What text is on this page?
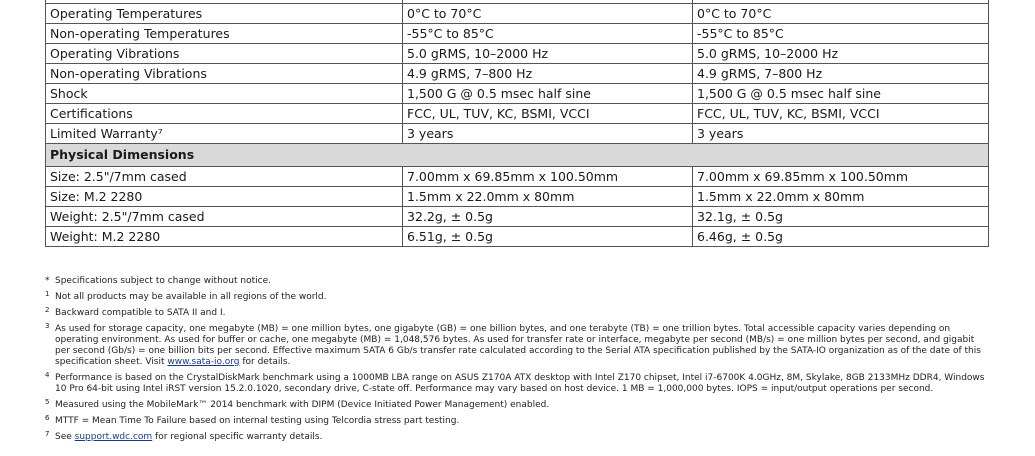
Operating Temperatures	0°C to 70°C	0°C to 70°C
Non-operating Temperatures	-55°C to 85°C	-55°C to 85°C
Operating Vibrations	5.0 gRMS, 10–2000 Hz	5.0 gRMS, 10–2000 Hz
Non-operating Vibrations	4.9 gRMS, 7–800 Hz	4.9 gRMS, 7–800 Hz
Shock	1,500 G @ 0.5 msec half sine	1,500 G @ 0.5 msec half sine
Certifications	FCC, UL, TUV, KC, BSMI, VCCI	FCC, UL, TUV, KC, BSMI, VCCI
Limited Warranty⁷	3 years	3 years
Physical Dimensions		
Size: 2.5"/7mm cased	7.00mm x 69.85mm x 100.50mm	7.00mm x 69.85mm x 100.50mm
Size: M.2 2280	1.5mm x 22.0mm x 80mm	1.5mm x 22.0mm x 80mm
Weight: 2.5"/7mm cased	32.2g, ± 0.5g	32.1g, ± 0.5g
Weight: M.2 2280	6.51g, ± 0.5g	6.46g, ± 0.5g
* Specifications subject to change without notice.
1 Not all products may be available in all regions of the world.
2 Backward compatible to SATA II and I.
3 As used for storage capacity, one megabyte (MB) = one million bytes, one gigabyte (GB) = one billion bytes, and one terabyte (TB) = one trillion bytes. Total accessible capacity varies depending on operating environment. As used for buffer or cache, one megabyte (MB) = 1,048,576 bytes. As used for transfer rate or interface, megabyte per second (MB/s) = one million bytes per second, and gigabit per second (Gb/s) = one billion bits per second. Effective maximum SATA 6 Gb/s transfer rate calculated according to the Serial ATA specification published by the SATA-IO organization as of the date of this specification sheet. Visit www.sata-io.org for details.
4 Performance is based on the CrystalDiskMark benchmark using a 1000MB LBA range on ASUS Z170A ATX desktop with Intel Z170 chipset, Intel i7-6700K 4.0GHz, 8M, Skylake, 8GB 2133MHz DDR4, Windows 10 Pro 64-bit using Intel iRST version 15.2.0.1020, secondary drive, C-state off. Performance may vary based on host device. 1 MB = 1,000,000 bytes. IOPS = input/output operations per second.
5 Measured using the MobileMark™ 2014 benchmark with DIPM (Device Initiated Power Management) enabled.
6 MTTF = Mean Time To Failure based on internal testing using Telcordia stress part testing.
7 See support.wdc.com for regional specific warranty details.
